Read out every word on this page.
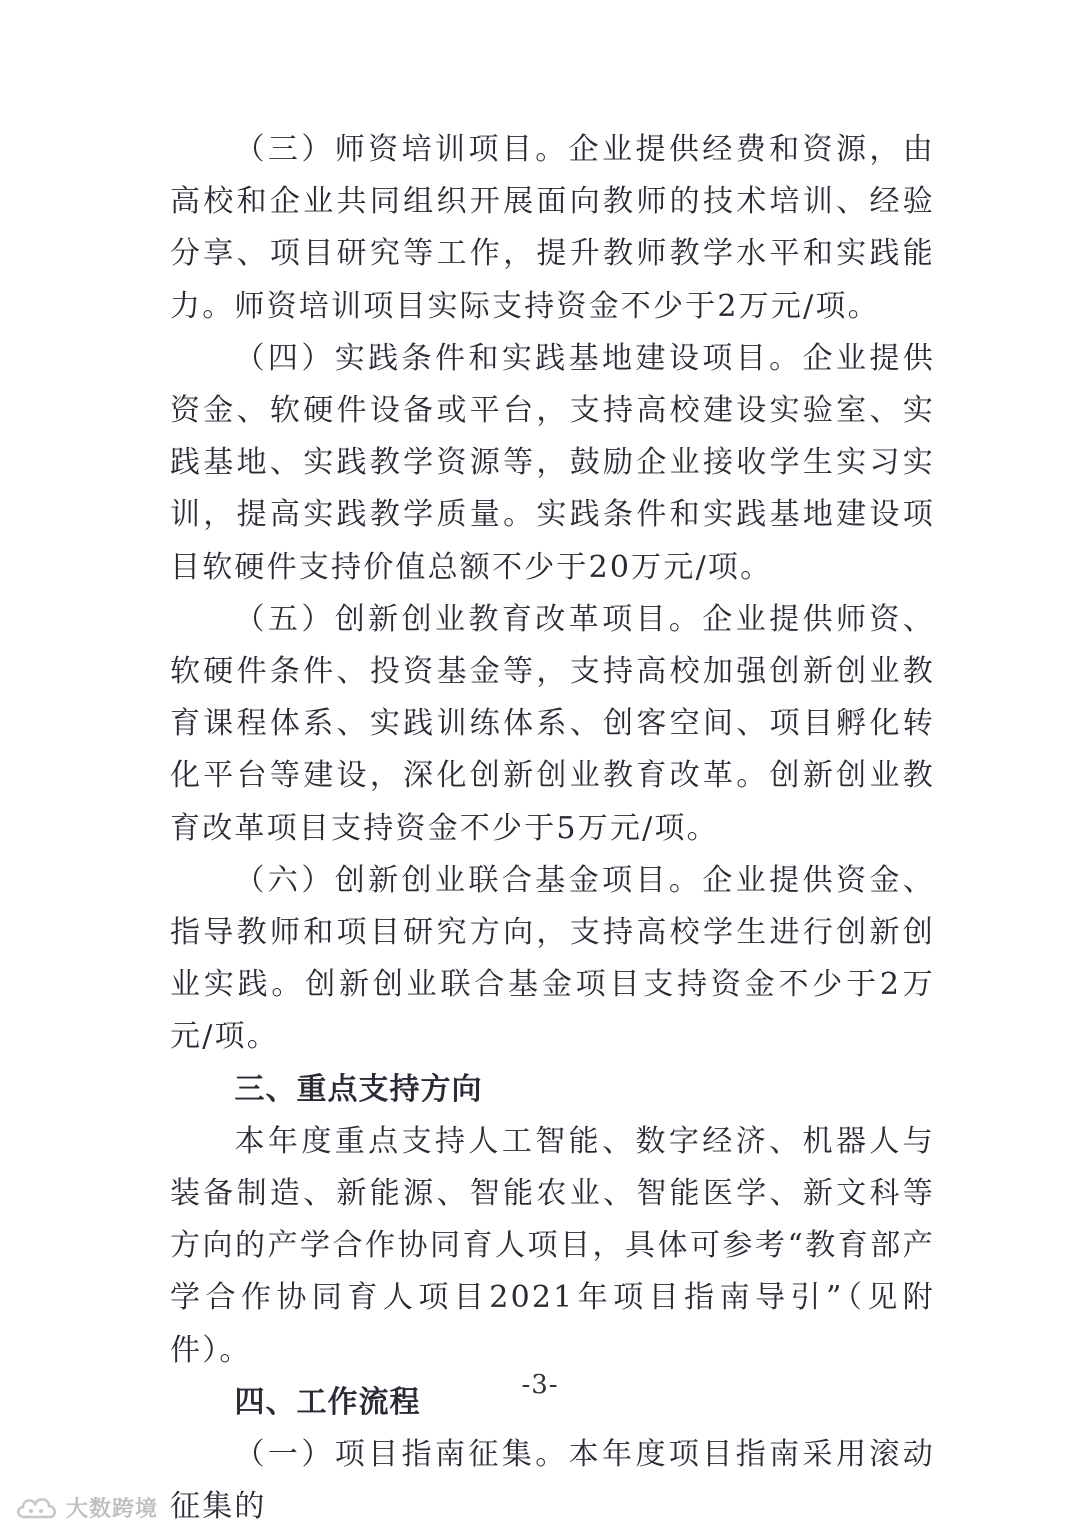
（三）师资培训项目。企业提供经费和资源，由高校和企业共同组织开展面向教师的技术培训、经验分享、项目研究等工作，提升教师教学水平和实践能力。师资培训项目实际支持资金不少于2万元/项。

（四）实践条件和实践基地建设项目。企业提供资金、软硬件设备或平台，支持高校建设实验室、实践基地、实践教学资源等，鼓励企业接收学生实习实训，提高实践教学质量。实践条件和实践基地建设项目软硬件支持价值总额不少于20万元/项。

（五）创新创业教育改革项目。企业提供师资、软硬件条件、投资基金等，支持高校加强创新创业教育课程体系、实践训练体系、创客空间、项目孵化转化平台等建设，深化创新创业教育改革。创新创业教育改革项目支持资金不少于5万元/项。

（六）创新创业联合基金项目。企业提供资金、指导教师和项目研究方向，支持高校学生进行创新创业实践。创新创业联合基金项目支持资金不少于2万元/项。

三、重点支持方向

本年度重点支持人工智能、数字经济、机器人与装备制造、新能源、智能农业、智能医学、新文科等方向的产学合作协同育人项目，具体可参考“教育部产学合作协同育人项目2021年项目指南导引”（见附件）。

四、工作流程

（一）项目指南征集。本年度项目指南采用滚动征集的

-3-
大数跨境
